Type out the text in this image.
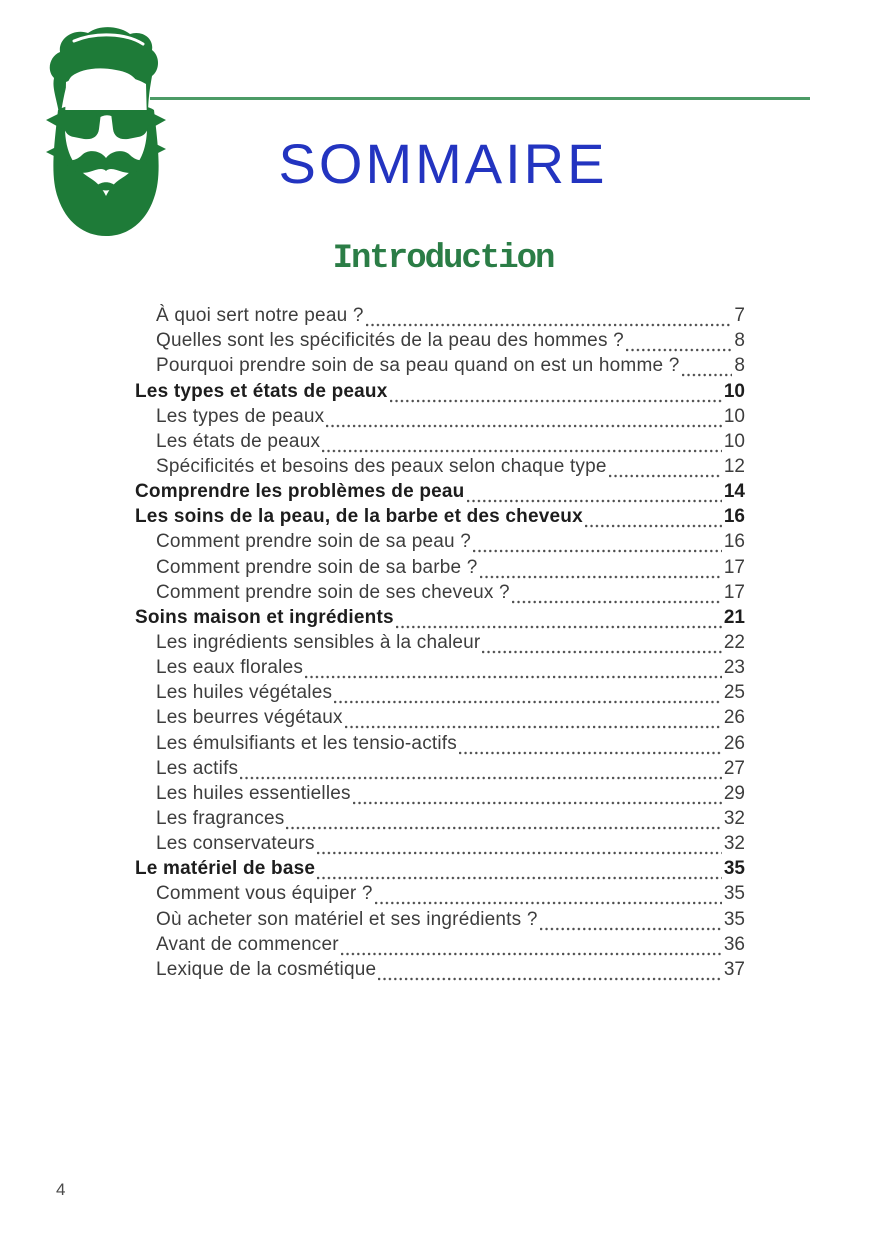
SOMMAIRE
Introduction
À quoi sert notre peau ?	7
Quelles sont les spécificités de la peau des hommes ?	8
Pourquoi prendre soin de sa peau quand on est un homme ?	8
Les types et états de peaux	10
Les types de peaux	10
Les états de peaux	10
Spécificités et besoins des peaux selon chaque type	12
Comprendre les problèmes de peau	14
Les soins de la peau, de la barbe et des cheveux	16
Comment prendre soin de sa peau ?	16
Comment prendre soin de sa barbe ?	17
Comment prendre soin de ses cheveux ?	17
Soins maison et ingrédients	21
Les ingrédients sensibles à la chaleur	22
Les eaux florales	23
Les huiles végétales	25
Les beurres végétaux	26
Les émulsifiants et les tensio-actifs	26
Les actifs	27
Les huiles essentielles	29
Les fragrances	32
Les conservateurs	32
Le matériel de base	35
Comment vous équiper ?	35
Où acheter son matériel et ses ingrédients ?	35
Avant de commencer	36
Lexique de la cosmétique	37
4
